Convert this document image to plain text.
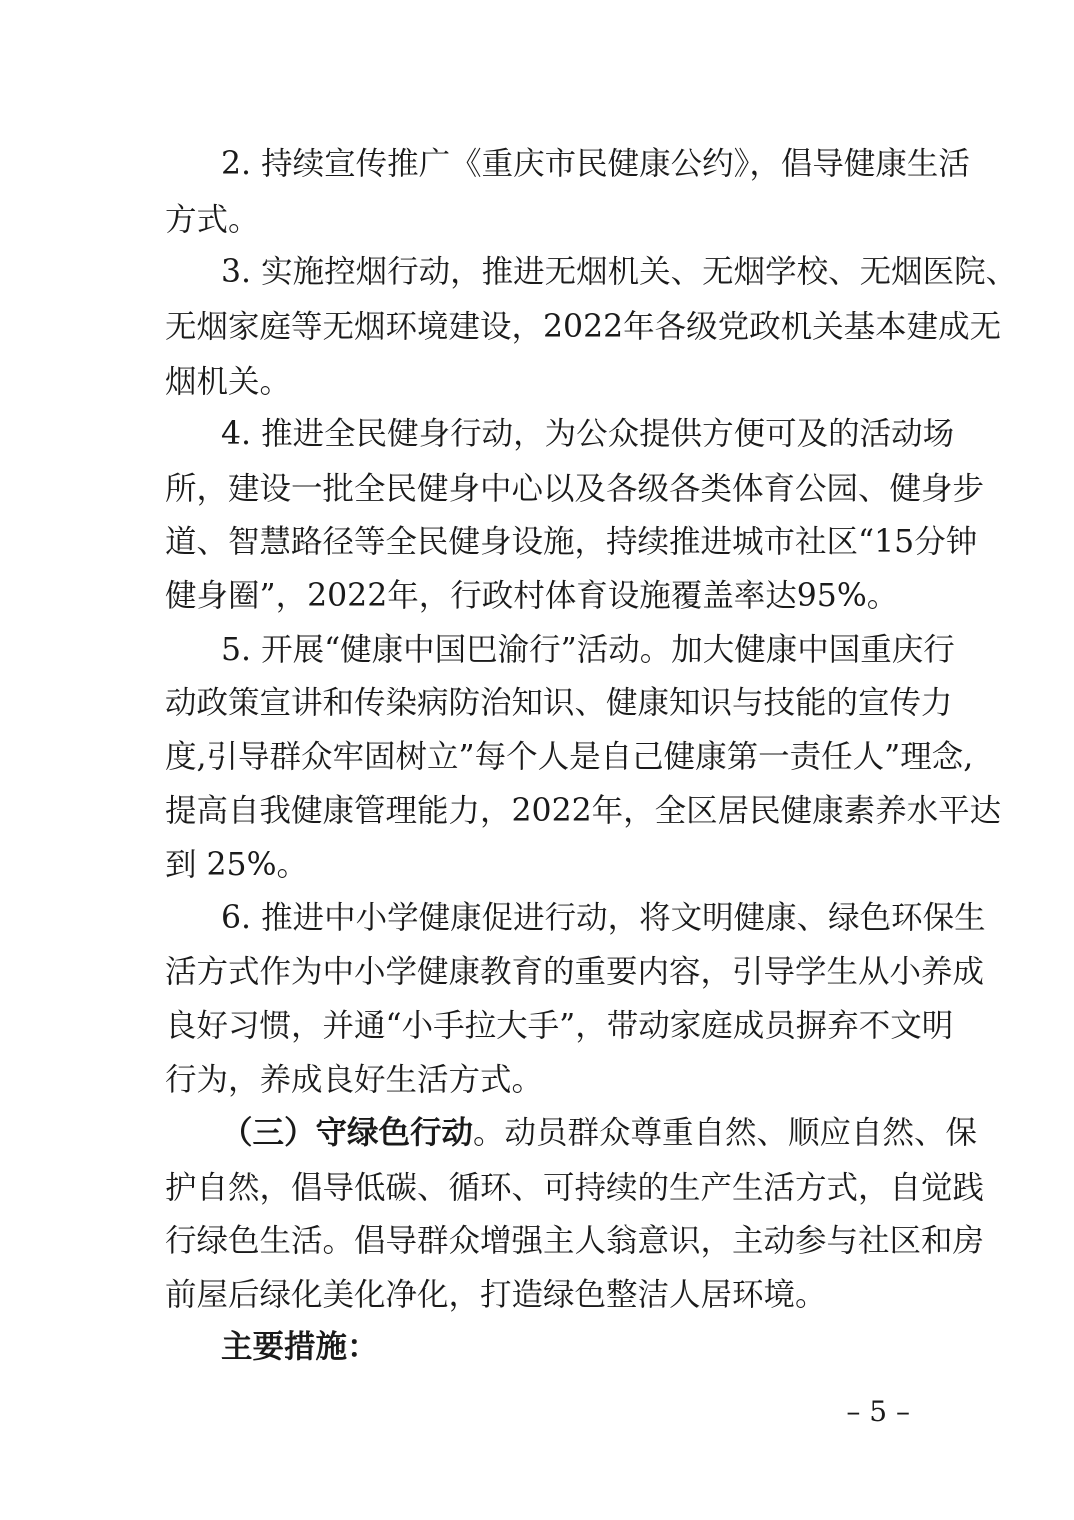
2. 持续宣传推广《重庆市民健康公约》，倡导健康生活
方式。
3. 实施控烟行动，推进无烟机关、无烟学校、无烟医院、
无烟家庭等无烟环境建设，2022年各级党政机关基本建成无
烟机关。
4. 推进全民健身行动，为公众提供方便可及的活动场
所，建设一批全民健身中心以及各级各类体育公园、健身步
道、智慧路径等全民健身设施，持续推进城市社区“15分钟
健身圈”，2022年，行政村体育设施覆盖率达95%。
5. 开展“健康中国巴渝行”活动。加大健康中国重庆行
动政策宣讲和传染病防治知识、健康知识与技能的宣传力
度,引导群众牢固树立”每个人是自己健康第一责任人”理念,
提高自我健康管理能力，2022年，全区居民健康素养水平达
到 25%。
6. 推进中小学健康促进行动，将文明健康、绿色环保生
活方式作为中小学健康教育的重要内容，引导学生从小养成
良好习惯，并通“小手拉大手”，带动家庭成员摒弃不文明
行为，养成良好生活方式。
（三）守绿色行动。动员群众尊重自然、顺应自然、保
护自然，倡导低碳、循环、可持续的生产生活方式，自觉践
行绿色生活。倡导群众增强主人翁意识，主动参与社区和房
前屋后绿化美化净化，打造绿色整洁人居环境。
主要措施：
– 5 –
